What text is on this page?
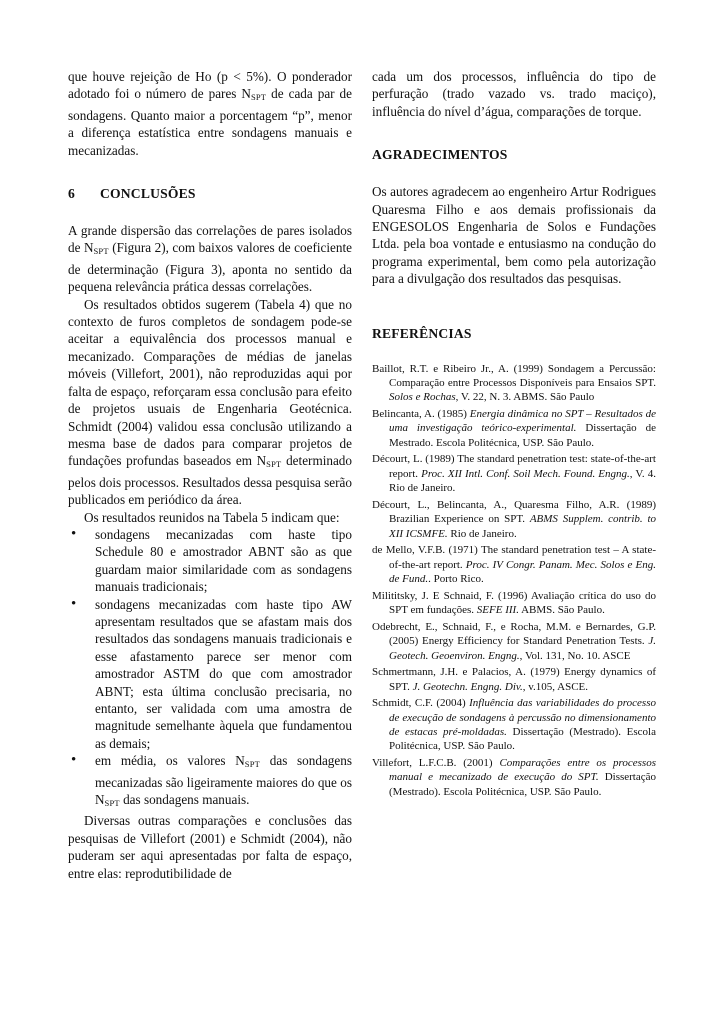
que houve rejeição de Ho (p < 5%). O ponderador adotado foi o número de pares $N_{SPT}$ de cada par de sondagens. Quanto maior a porcentagem “p”, menor a diferença estatística entre sondagens manuais e mecanizadas.

6 CONCLUSÕES

A grande dispersão das correlações de pares isolados de $N_{SPT}$ (Figura 2), com baixos valores de coeficiente de determinação (Figura 3), aponta no sentido da pequena relevância prática dessas correlações.

Os resultados obtidos sugerem (Tabela 4) que no contexto de furos completos de sondagem pode-se aceitar a equivalência dos processos manual e mecanizado. Comparações de médias de janelas móveis (Villefort, 2001), não reproduzidas aqui por falta de espaço, reforçaram essa conclusão para efeito de projetos usuais de Engenharia Geotécnica. Schmidt (2004) validou essa conclusão utilizando a mesma base de dados para comparar projetos de fundações profundas baseados em $N_{SPT}$ determinado pelos dois processos. Resultados dessa pesquisa serão publicados em periódico da área.

Os resultados reunidos na Tabela 5 indicam que:

• sondagens mecanizadas com haste tipo Schedule 80 e amostrador ABNT são as que guardam maior similaridade com as sondagens manuais tradicionais;
• sondagens mecanizadas com haste tipo AW apresentam resultados que se afastam mais dos resultados das sondagens manuais tradicionais e esse afastamento parece ser menor com amostrador ASTM do que com amostrador ABNT; esta última conclusão precisaria, no entanto, ser validada com uma amostra de magnitude semelhante àquela que fundamentou as demais;
• em média, os valores $N_{SPT}$ das sondagens mecanizadas são ligeiramente maiores do que os $N_{SPT}$ das sondagens manuais.

Diversas outras comparações e conclusões das pesquisas de Villefort (2001) e Schmidt (2004), não puderam ser aqui apresentadas por falta de espaço, entre elas: reprodutibilidade de

cada um dos processos, influência do tipo de perfuração (trado vazado vs. trado maciço), influência do nível d’água, comparações de torque.

AGRADECIMENTOS

Os autores agradecem ao engenheiro Artur Rodrigues Quaresma Filho e aos demais profissionais da ENGESOLOS Engenharia de Solos e Fundações Ltda. pela boa vontade e entusiasmo na condução do programa experimental, bem como pela autorização para a divulgação dos resultados das pesquisas.

REFERÊNCIAS
Baillot, R.T. e Ribeiro Jr., A. (1999) Sondagem a Percussão: Comparação entre Processos Disponíveis para Ensaios SPT. Solos e Rochas, V. 22, N. 3. ABMS. São Paulo
Belincanta, A. (1985) Energia dinâmica no SPT – Resultados de uma investigação teórico-experimental. Dissertação de Mestrado. Escola Politécnica, USP. São Paulo.
Décourt, L. (1989) The standard penetration test: state-of-the-art report. Proc. XII Intl. Conf. Soil Mech. Found. Engng., V. 4. Rio de Janeiro.
Décourt, L., Belincanta, A., Quaresma Filho, A.R. (1989) Brazilian Experience on SPT. ABMS Supplem. contrib. to XII ICSMFE. Rio de Janeiro.
de Mello, V.F.B. (1971) The standard penetration test – A state-of-the-art report. Proc. IV Congr. Panam. Mec. Solos e Eng. de Fund.. Porto Rico.
Milititsky, J. E Schnaid, F. (1996) Avaliação crítica do uso do SPT em fundações. SEFE III. ABMS. São Paulo.
Odebrecht, E., Schnaid, F., e Rocha, M.M. e Bernardes, G.P. (2005) Energy Efficiency for Standard Penetration Tests. J. Geotech. Geoenviron. Engng., Vol. 131, No. 10. ASCE
Schmertmann, J.H. e Palacios, A. (1979) Energy dynamics of SPT. J. Geotechn. Engng. Div., v.105, ASCE.
Schmidt, C.F. (2004) Influência das variabilidades do processo de execução de sondagens à percussão no dimensionamento de estacas pré-moldadas. Dissertação (Mestrado). Escola Politécnica, USP. São Paulo.
Villefort, L.F.C.B. (2001) Comparações entre os processos manual e mecanizado de execução do SPT. Dissertação (Mestrado). Escola Politécnica, USP. São Paulo.
